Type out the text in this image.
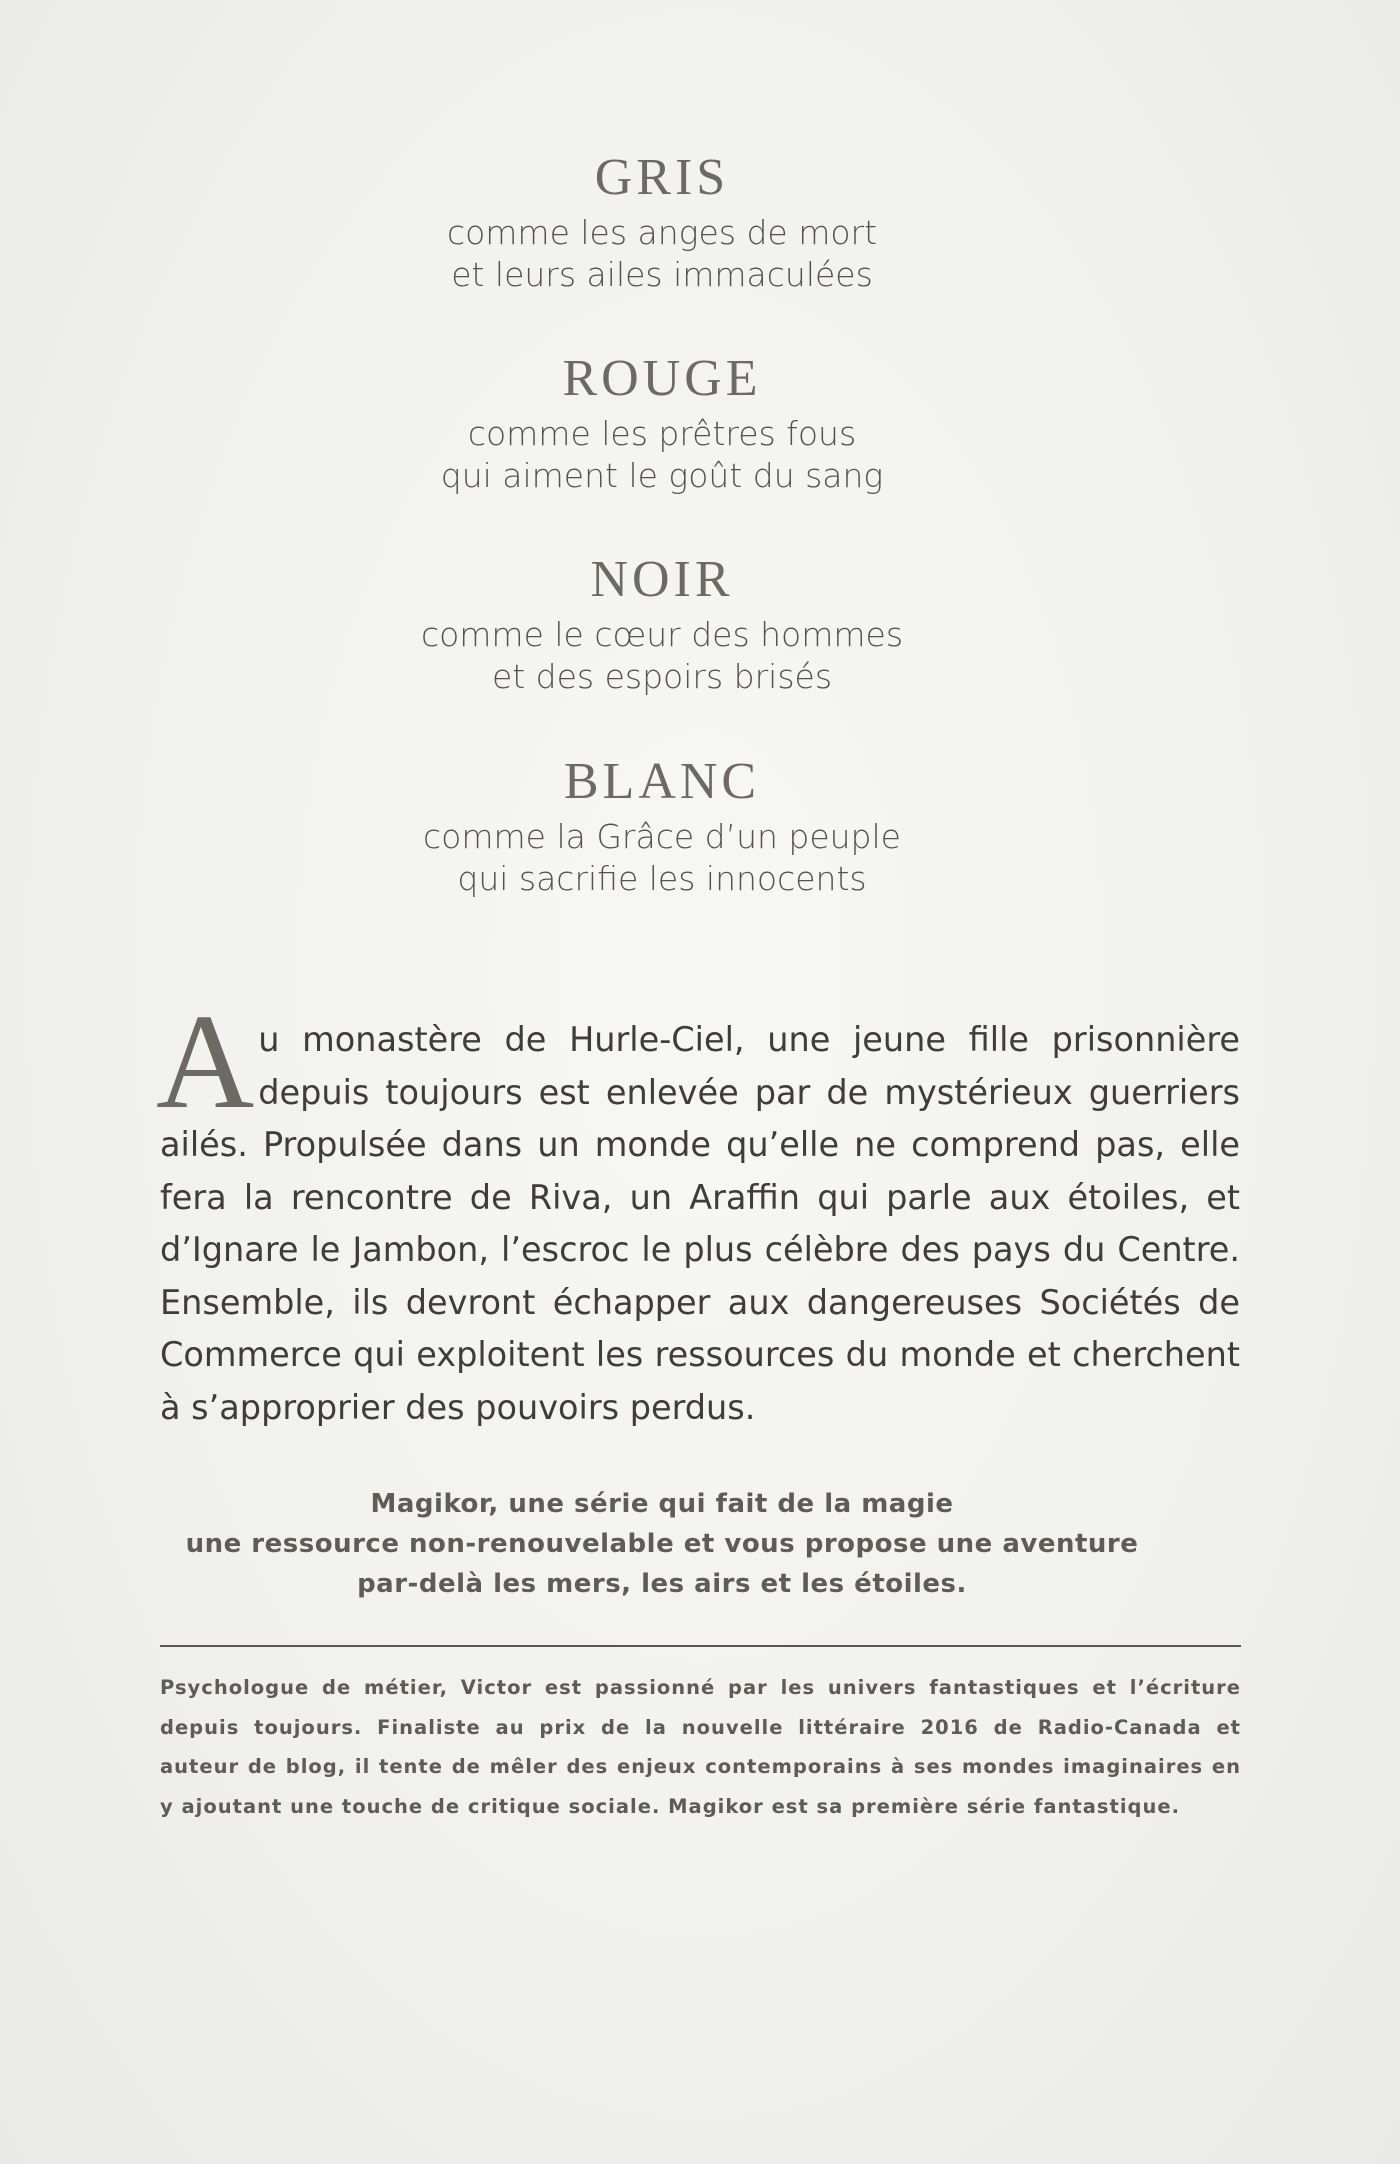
GRIS
comme les anges de mort
et leurs ailes immaculées
ROUGE
comme les prêtres fous
qui aiment le goût du sang
NOIR
comme le cœur des hommes
et des espoirs brisés
BLANC
comme la Grâce d’un peuple
qui sacrifie les innocents

Au monastère de Hurle-Ciel, une jeune fille prisonnière depuis toujours est enlevée par de mystérieux guerriers ailés. Propulsée dans un monde qu’elle ne comprend pas, elle fera la rencontre de Riva, un Araffin qui parle aux étoiles, et d’Ignare le Jambon, l’escroc le plus célèbre des pays du Centre. Ensemble, ils devront échapper aux dangereuses Sociétés de Commerce qui exploitent les ressources du monde et cherchent à s’approprier des pouvoirs perdus.

Magikor, une série qui fait de la magie
une ressource non-renouvelable et vous propose une aventure
par-delà les mers, les airs et les étoiles.

Psychologue de métier, Victor est passionné par les univers fantastiques et l’écriture depuis toujours. Finaliste au prix de la nouvelle littéraire 2016 de Radio-Canada et auteur de blog, il tente de mêler des enjeux contemporains à ses mondes imaginaires en y ajoutant une touche de critique sociale. Magikor est sa première série fantastique.
